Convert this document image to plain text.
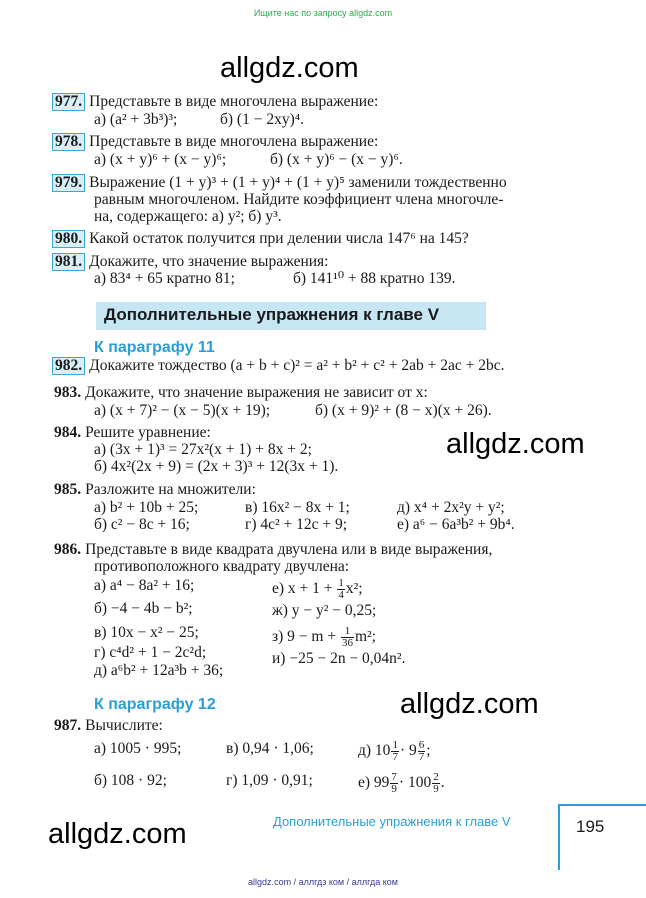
Ищите нас по запросу allgdz.com
allgdz.com
977. Представьте в виде многочлена выражение:
а) (a² + 3b³)³;	б) (1 − 2xy)⁴.
978. Представьте в виде многочлена выражение:
а) (x + y)⁶ + (x − y)⁶;	б) (x + y)⁶ − (x − y)⁶.
979. Выражение (1 + y)³ + (1 + y)⁴ + (1 + y)⁵ заменили тождественно
равным многочленом. Найдите коэффициент члена многочле-
на, содержащего: а) y²; б) y³.
980. Какой остаток получится при делении числа 147⁶ на 145?
981. Докажите, что значение выражения:
а) 83⁴ + 65 кратно 81;	б) 141¹⁰ + 88 кратно 139.
Дополнительные упражнения к главе V
К параграфу 11
982. Докажите тождество (a + b + c)² = a² + b² + c² + 2ab + 2ac + 2bc.
983. Докажите, что значение выражения не зависит от x:
а) (x + 7)² − (x − 5)(x + 19);	б) (x + 9)² + (8 − x)(x + 26).
984. Решите уравнение:
а) (3x + 1)³ = 27x²(x + 1) + 8x + 2;
б) 4x²(2x + 9) = (2x + 3)³ + 12(3x + 1).
allgdz.com
985. Разложите на множители:
а) b² + 10b + 25;	в) 16x² − 8x + 1;	д) x⁴ + 2x²y + y²;
б) c² − 8c + 16;	г) 4c² + 12c + 9;	е) a⁶ − 6a³b² + 9b⁴.
986. Представьте в виде квадрата двучлена или в виде выражения,
противоположного квадрату двучлена:
а) a⁴ − 8a² + 16;
б) −4 − 4b − b²;
в) 10x − x² − 25;
г) c⁴d² + 1 − 2c²d;
д) a⁶b² + 12a³b + 36;
е) $x + 1 + \frac{1}{4} x^2$;
ж) y − y² − 0,25;
з) $9 - m + \frac{1}{36} m^2$;
и) −25 − 2n − 0,04n².
К параграфу 12	allgdz.com
987. Вычислите:
а) 1005 · 995;	в) 0,94 · 1,06;	д) $10 \frac{1}{7} \cdot 9 \frac{6}{7}$ ;
б) 108 · 92;	г) 1,09 · 0,91;	е) $99 \frac{7}{9} \cdot 100 \frac{2}{9}$ .
allgdz.com	Дополнительные упражнения к главе V	195
allgdz.com / аллгдз ком / аллгда ком
